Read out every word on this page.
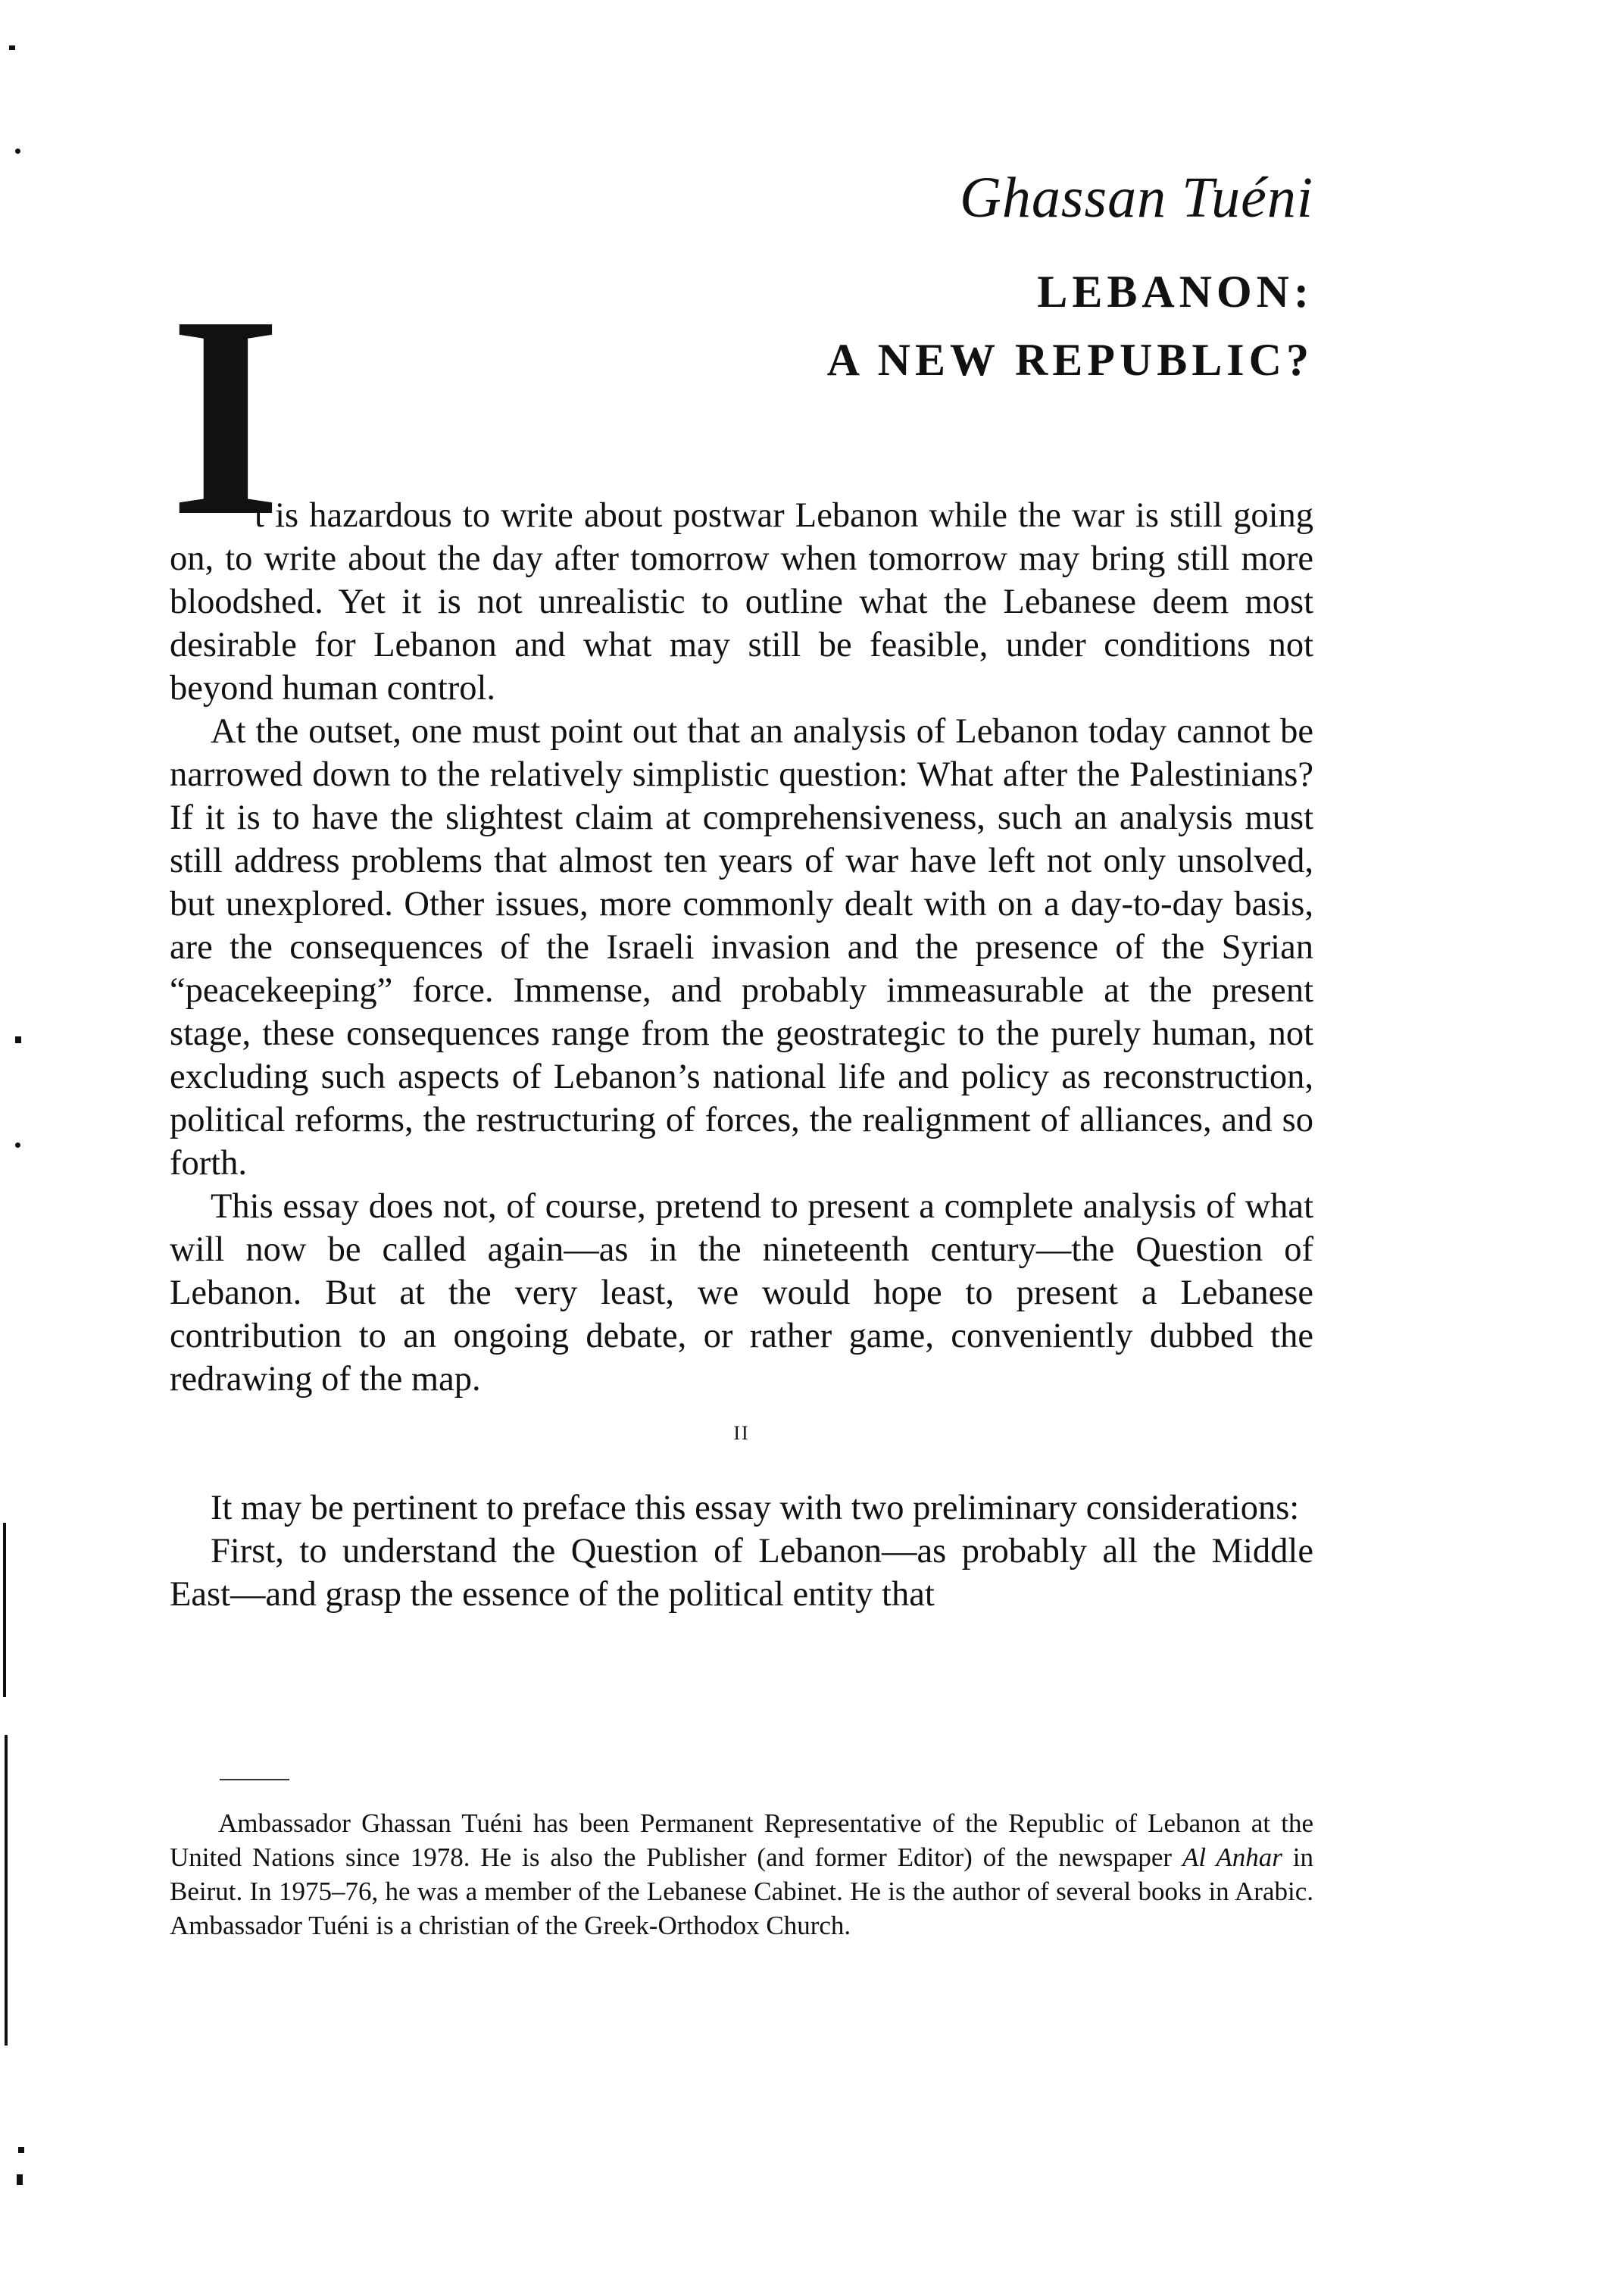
Ghassan Tuéni
LEBANON:
A NEW REPUBLIC?
I

t is hazardous to write about postwar Lebanon while the war is still going on, to write about the day after tomorrow when tomorrow may bring still more bloodshed. Yet it is not unrealistic to outline what the Lebanese deem most desirable for Lebanon and what may still be feasible, under conditions not beyond human control.

At the outset, one must point out that an analysis of Lebanon today cannot be narrowed down to the relatively simplistic question: What after the Palestinians? If it is to have the slightest claim at comprehensiveness, such an analysis must still address problems that almost ten years of war have left not only unsolved, but unexplored. Other issues, more commonly dealt with on a day-to-day basis, are the consequences of the Israeli invasion and the presence of the Syrian “peacekeeping” force. Immense, and probably immeasurable at the present stage, these consequences range from the geostrategic to the purely human, not excluding such aspects of Lebanon’s national life and policy as reconstruction, political reforms, the restructuring of forces, the realignment of alliances, and so forth.

This essay does not, of course, pretend to present a complete analysis of what will now be called again—as in the nineteenth century—the Question of Lebanon. But at the very least, we would hope to present a Lebanese contribution to an ongoing debate, or rather game, conveniently dubbed the redrawing of the map.

II

It may be pertinent to preface this essay with two preliminary considerations:

First, to understand the Question of Lebanon—as probably all the Middle East—and grasp the essence of the political entity that

Ambassador Ghassan Tuéni has been Permanent Representative of the Republic of Lebanon at the United Nations since 1978. He is also the Publisher (and former Editor) of the newspaper Al Anhar in Beirut. In 1975–76, he was a member of the Lebanese Cabinet. He is the author of several books in Arabic. Ambassador Tuéni is a christian of the Greek-Orthodox Church.
